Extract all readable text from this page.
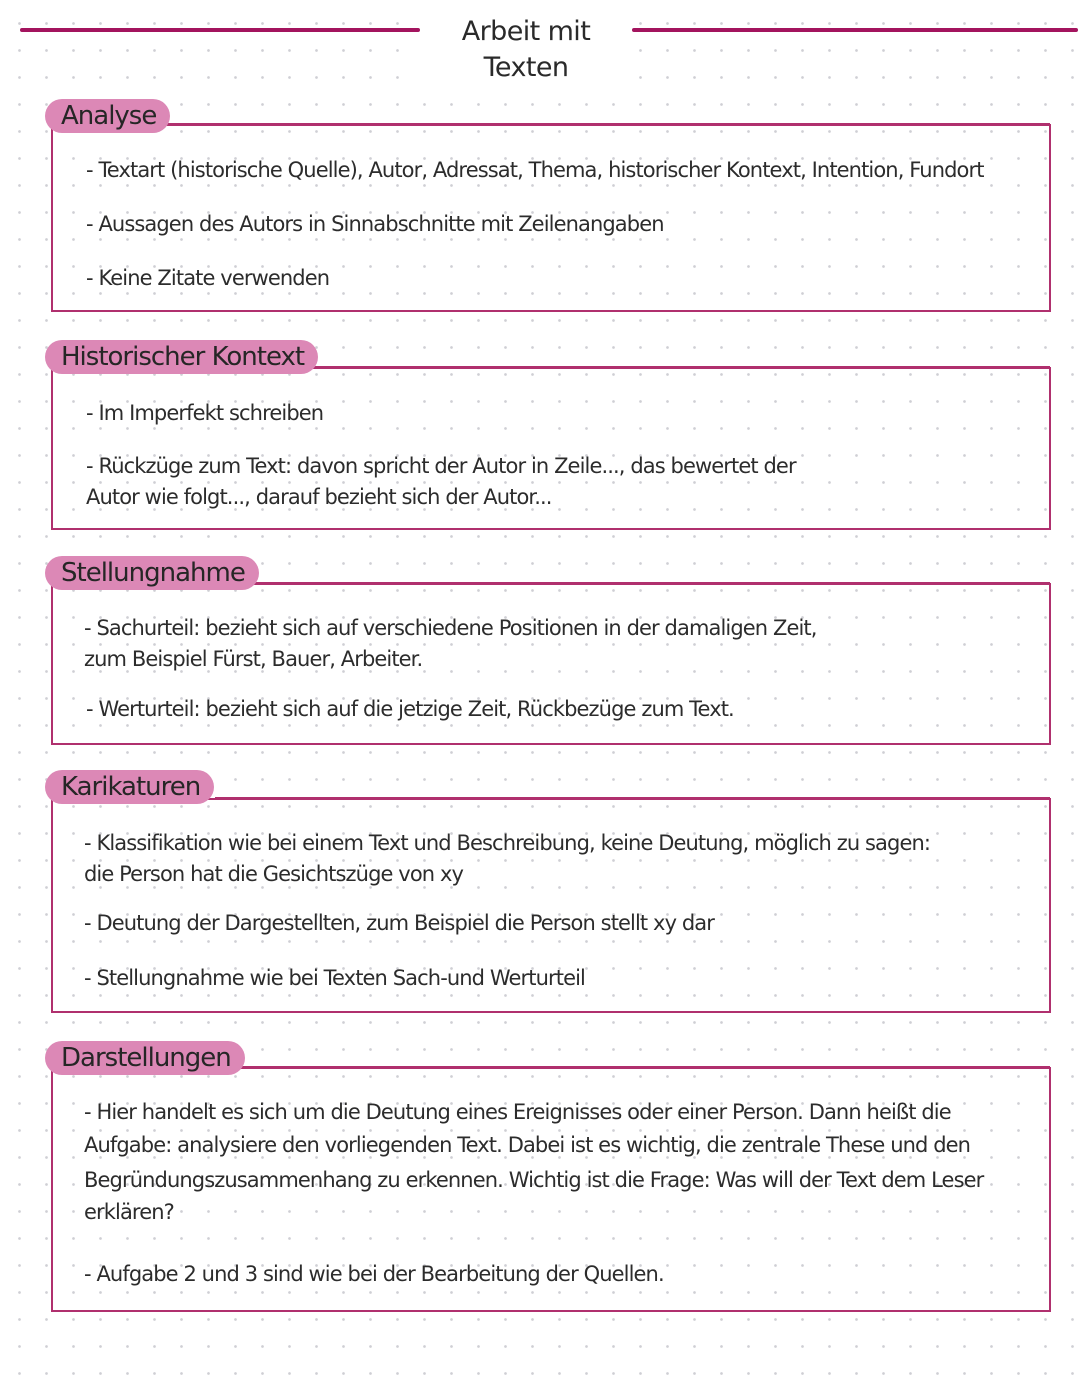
Arbeit mit Texten
Analyse
- Textart (historische Quelle), Autor, Adressat, Thema, historischer Kontext, Intention, Fundort
- Aussagen des Autors in Sinnabschnitte mit Zeilenangaben
- Keine Zitate verwenden
Historischer Kontext
- Im Imperfekt schreiben
- Rückzüge zum Text: davon spricht der Autor in Zeile..., das bewertet der
Autor wie folgt..., darauf bezieht sich der Autor...
Stellungnahme
- Sachurteil: bezieht sich auf verschiedene Positionen in der damaligen Zeit,
zum Beispiel Fürst, Bauer, Arbeiter.
- Werturteil: bezieht sich auf die jetzige Zeit, Rückbezüge zum Text.
Karikaturen
- Klassifikation wie bei einem Text und Beschreibung, keine Deutung, möglich zu sagen:
die Person hat die Gesichtszüge von xy
- Deutung der Dargestellten, zum Beispiel die Person stellt xy dar
- Stellungnahme wie bei Texten Sach-und Werturteil
Darstellungen
- Hier handelt es sich um die Deutung eines Ereignisses oder einer Person. Dann heißt die
Aufgabe: analysiere den vorliegenden Text. Dabei ist es wichtig, die zentrale These und den
Begründungszusammenhang zu erkennen. Wichtig ist die Frage: Was will der Text dem Leser
erklären?
- Aufgabe 2 und 3 sind wie bei der Bearbeitung der Quellen.
